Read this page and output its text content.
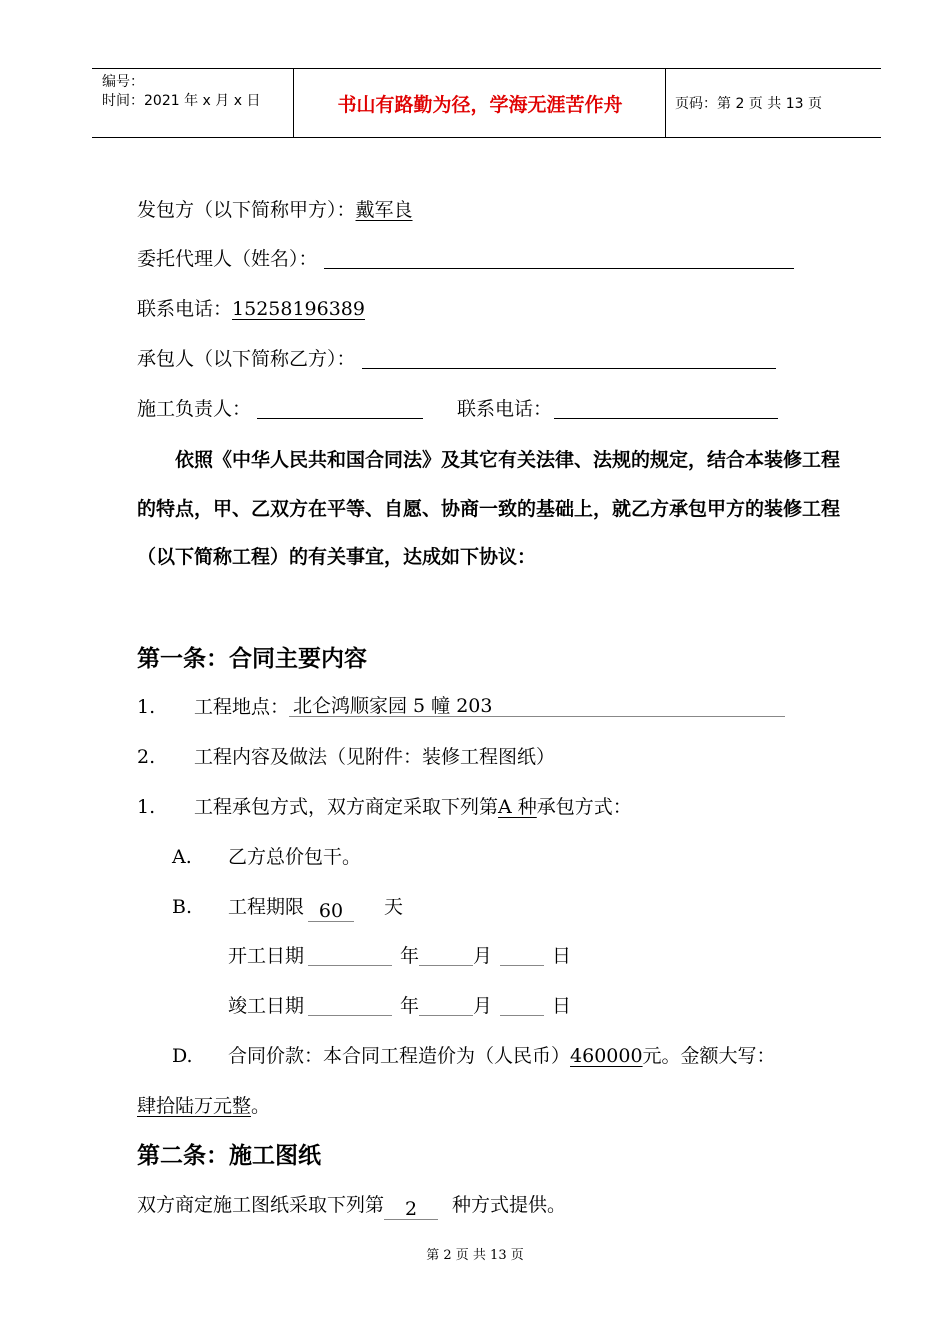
编号：
时间：2021 年 x 月 x 日	书山有路勤为径，学海无涯苦作舟	页码：第 2 页 共 13 页
发包方（以下简称甲方）：戴军良
委托代理人（姓名）：
联系电话：15258196389
承包人（以下简称乙方）：
施工负责人：	联系电话：
依照《中华人民共和国合同法》及其它有关法律、法规的规定，结合本装修工程的特点，甲、乙双方在平等、自愿、协商一致的基础上，就乙方承包甲方的装修工程（以下简称工程）的有关事宜，达成如下协议：
第一条：合同主要内容
1. 工程地点： 北仑鸿顺家园 5 幢 203
2. 工程内容及做法（见附件：装修工程图纸）
1. 工程承包方式，双方商定采取下列第A 种承包方式：
A. 乙方总价包干。
B. 工程期限 60 天
开工日期	年	月	日
竣工日期	年	月	日
D. 合同价款：本合同工程造价为（人民币）460000元。金额大写：
肆拾陆万元整。
第二条：施工图纸
双方商定施工图纸采取下列第 2 种方式提供。
第 2 页 共 13 页
